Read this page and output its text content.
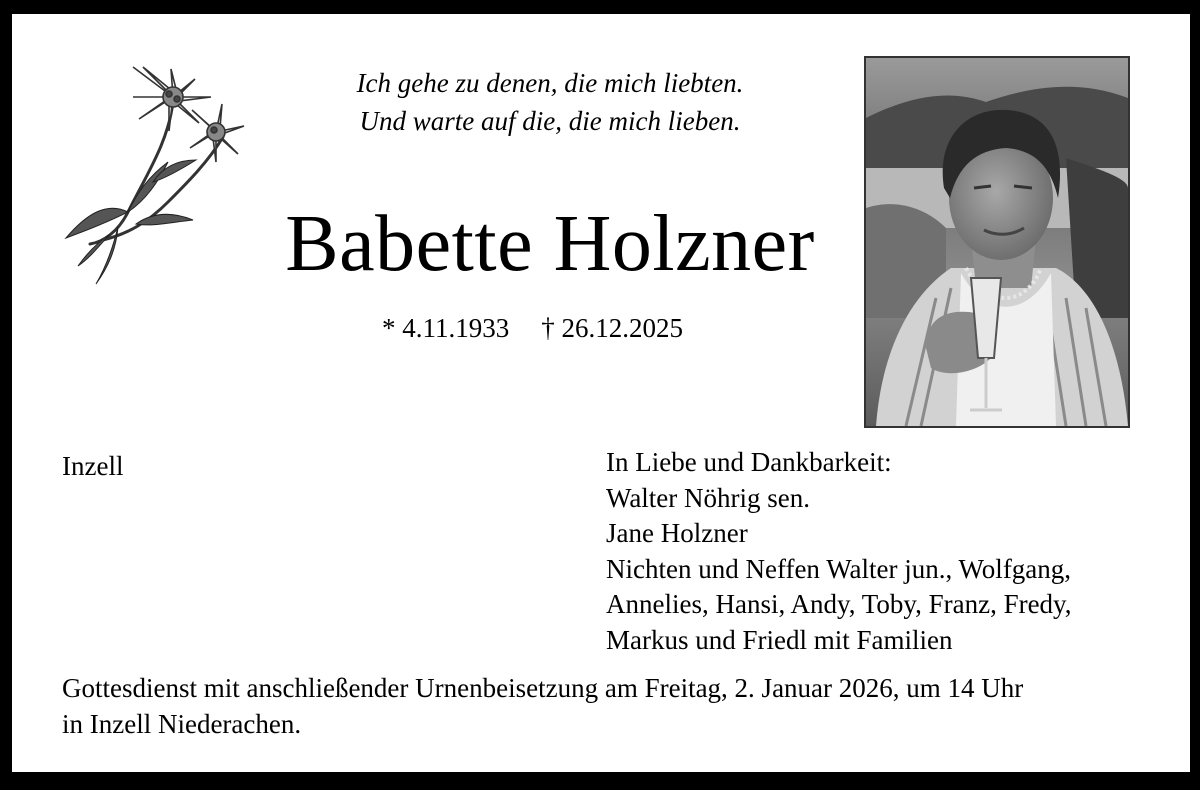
Ich gehe zu denen, die mich liebten.
Und warte auf die, die mich lieben.
Babette Holzner
* 4.11.1933 † 26.12.2025
Inzell	In Liebe und Dankbarkeit:
Walter Nöhrig sen.
Jane Holzner
Nichten und Neffen Walter jun., Wolfgang,
Annelies, Hansi, Andy, Toby, Franz, Fredy,
Markus und Friedl mit Familien
Gottesdienst mit anschließender Urnenbeisetzung am Freitag, 2. Januar 2026, um 14 Uhr
in Inzell Niederachen.
